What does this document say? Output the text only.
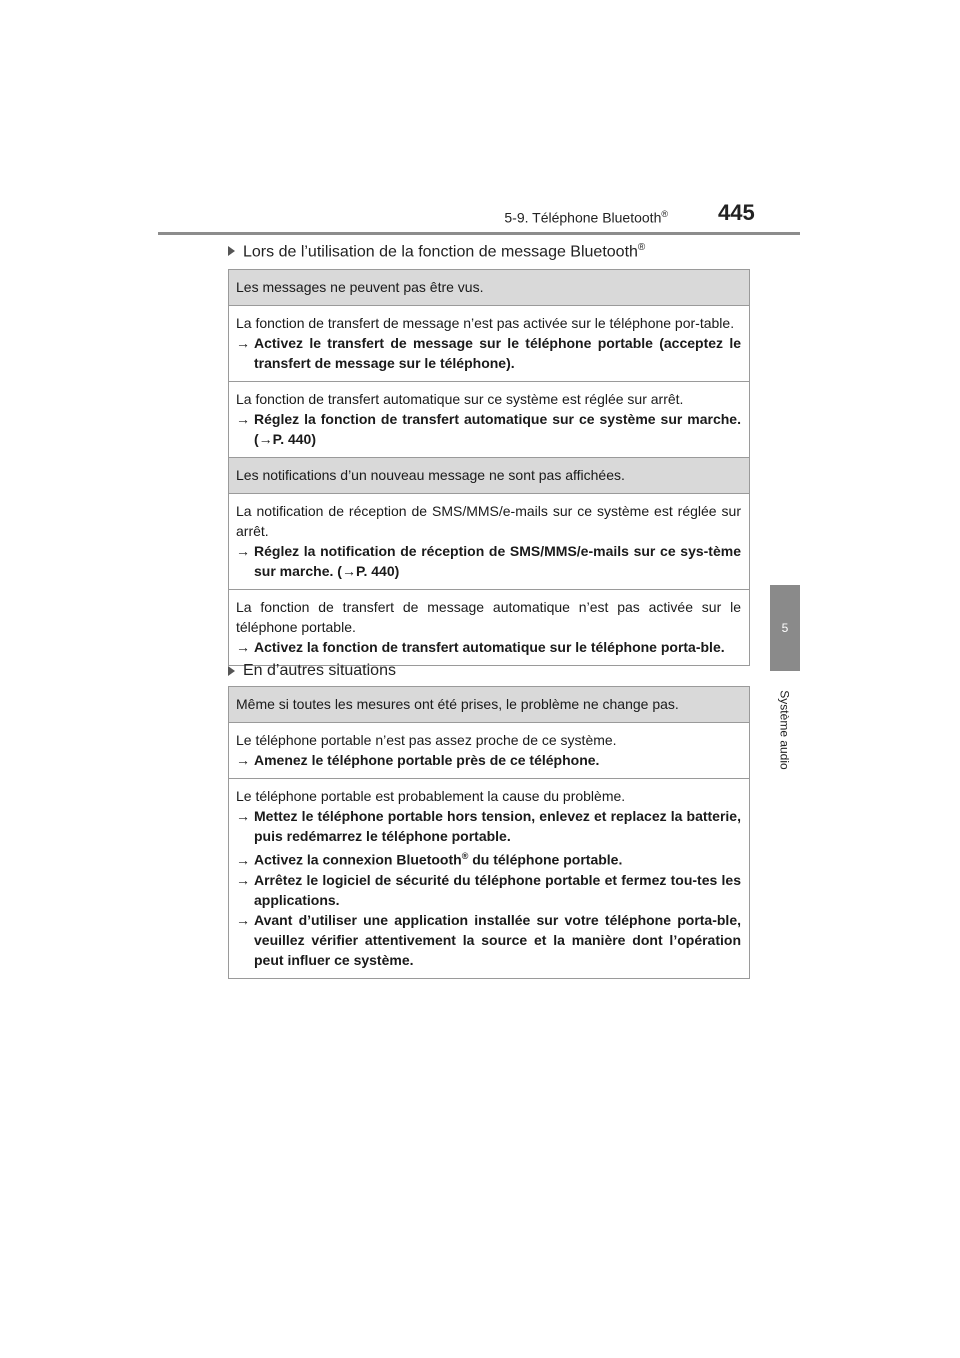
5-9. Téléphone Bluetooth® 445
5
Système audio
Lors de l’utilisation de la fonction de message Bluetooth®
Les messages ne peuvent pas être vus.
La fonction de transfert de message n’est pas activée sur le téléphone por-table.
→ Activez le transfert de message sur le téléphone portable (acceptez le transfert de message sur le téléphone).
La fonction de transfert automatique sur ce système est réglée sur arrêt.
→ Réglez la fonction de transfert automatique sur ce système sur marche. (→P. 440)
Les notifications d’un nouveau message ne sont pas affichées.
La notification de réception de SMS/MMS/e-mails sur ce système est réglée sur arrêt.
→ Réglez la notification de réception de SMS/MMS/e-mails sur ce sys-tème sur marche. (→P. 440)
La fonction de transfert de message automatique n’est pas activée sur le téléphone portable.
→ Activez la fonction de transfert automatique sur le téléphone porta-ble.
En d’autres situations
Même si toutes les mesures ont été prises, le problème ne change pas.
Le téléphone portable n’est pas assez proche de ce système.
→ Amenez le téléphone portable près de ce téléphone.
Le téléphone portable est probablement la cause du problème.
→ Mettez le téléphone portable hors tension, enlevez et replacez la batterie, puis redémarrez le téléphone portable.
→ Activez la connexion Bluetooth® du téléphone portable.
→ Arrêtez le logiciel de sécurité du téléphone portable et fermez tou-tes les applications.
→ Avant d’utiliser une application installée sur votre téléphone porta-ble, veuillez vérifier attentivement la source et la manière dont l’opération peut influer ce système.
